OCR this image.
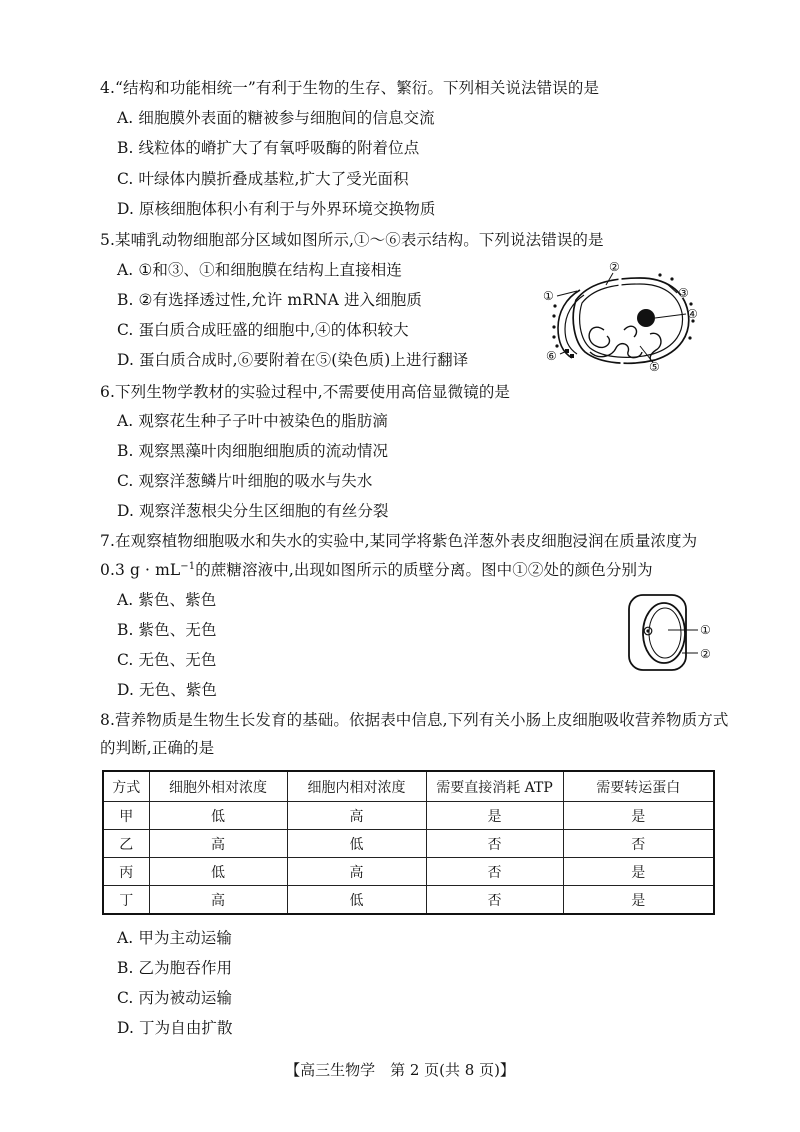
4.“结构和功能相统一”有利于生物的生存、繁衍。下列相关说法错误的是
A. 细胞膜外表面的糖被参与细胞间的信息交流
B. 线粒体的嵴扩大了有氧呼吸酶的附着位点
C. 叶绿体内膜折叠成基粒,扩大了受光面积
D. 原核细胞体积小有利于与外界环境交换物质
5.某哺乳动物细胞部分区域如图所示,①～⑥表示结构。下列说法错误的是
A. ①和③、①和细胞膜在结构上直接相连
B. ②有选择透过性,允许 mRNA 进入细胞质
C. 蛋白质合成旺盛的细胞中,④的体积较大
D. 蛋白质合成时,⑥要附着在⑤(染色质)上进行翻译
①
②
③
④
⑤
⑥
6.下列生物学教材的实验过程中,不需要使用高倍显微镜的是
A. 观察花生种子子叶中被染色的脂肪滴
B. 观察黑藻叶肉细胞细胞质的流动情况
C. 观察洋葱鳞片叶细胞的吸水与失水
D. 观察洋葱根尖分生区细胞的有丝分裂
7.在观察植物细胞吸水和失水的实验中,某同学将紫色洋葱外表皮细胞浸润在质量浓度为
0.3 $g \cdot mL^{-1}$的蔗糖溶液中,出现如图所示的质壁分离。图中①②处的颜色分别为
A. 紫色、紫色
B. 紫色、无色
C. 无色、无色
D. 无色、紫色
①
②
8.营养物质是生物生长发育的基础。依据表中信息,下列有关小肠上皮细胞吸收营养物质方式
的判断,正确的是
方式	细胞外相对浓度	细胞内相对浓度	需要直接消耗 ATP	需要转运蛋白
甲	低	高	是	是
乙	高	低	否	否
丙	低	高	否	是
丁	高	低	否	是
A. 甲为主动运输
B. 乙为胞吞作用
C. 丙为被动运输
D. 丁为自由扩散
【高三生物学　第 2 页(共 8 页)】
